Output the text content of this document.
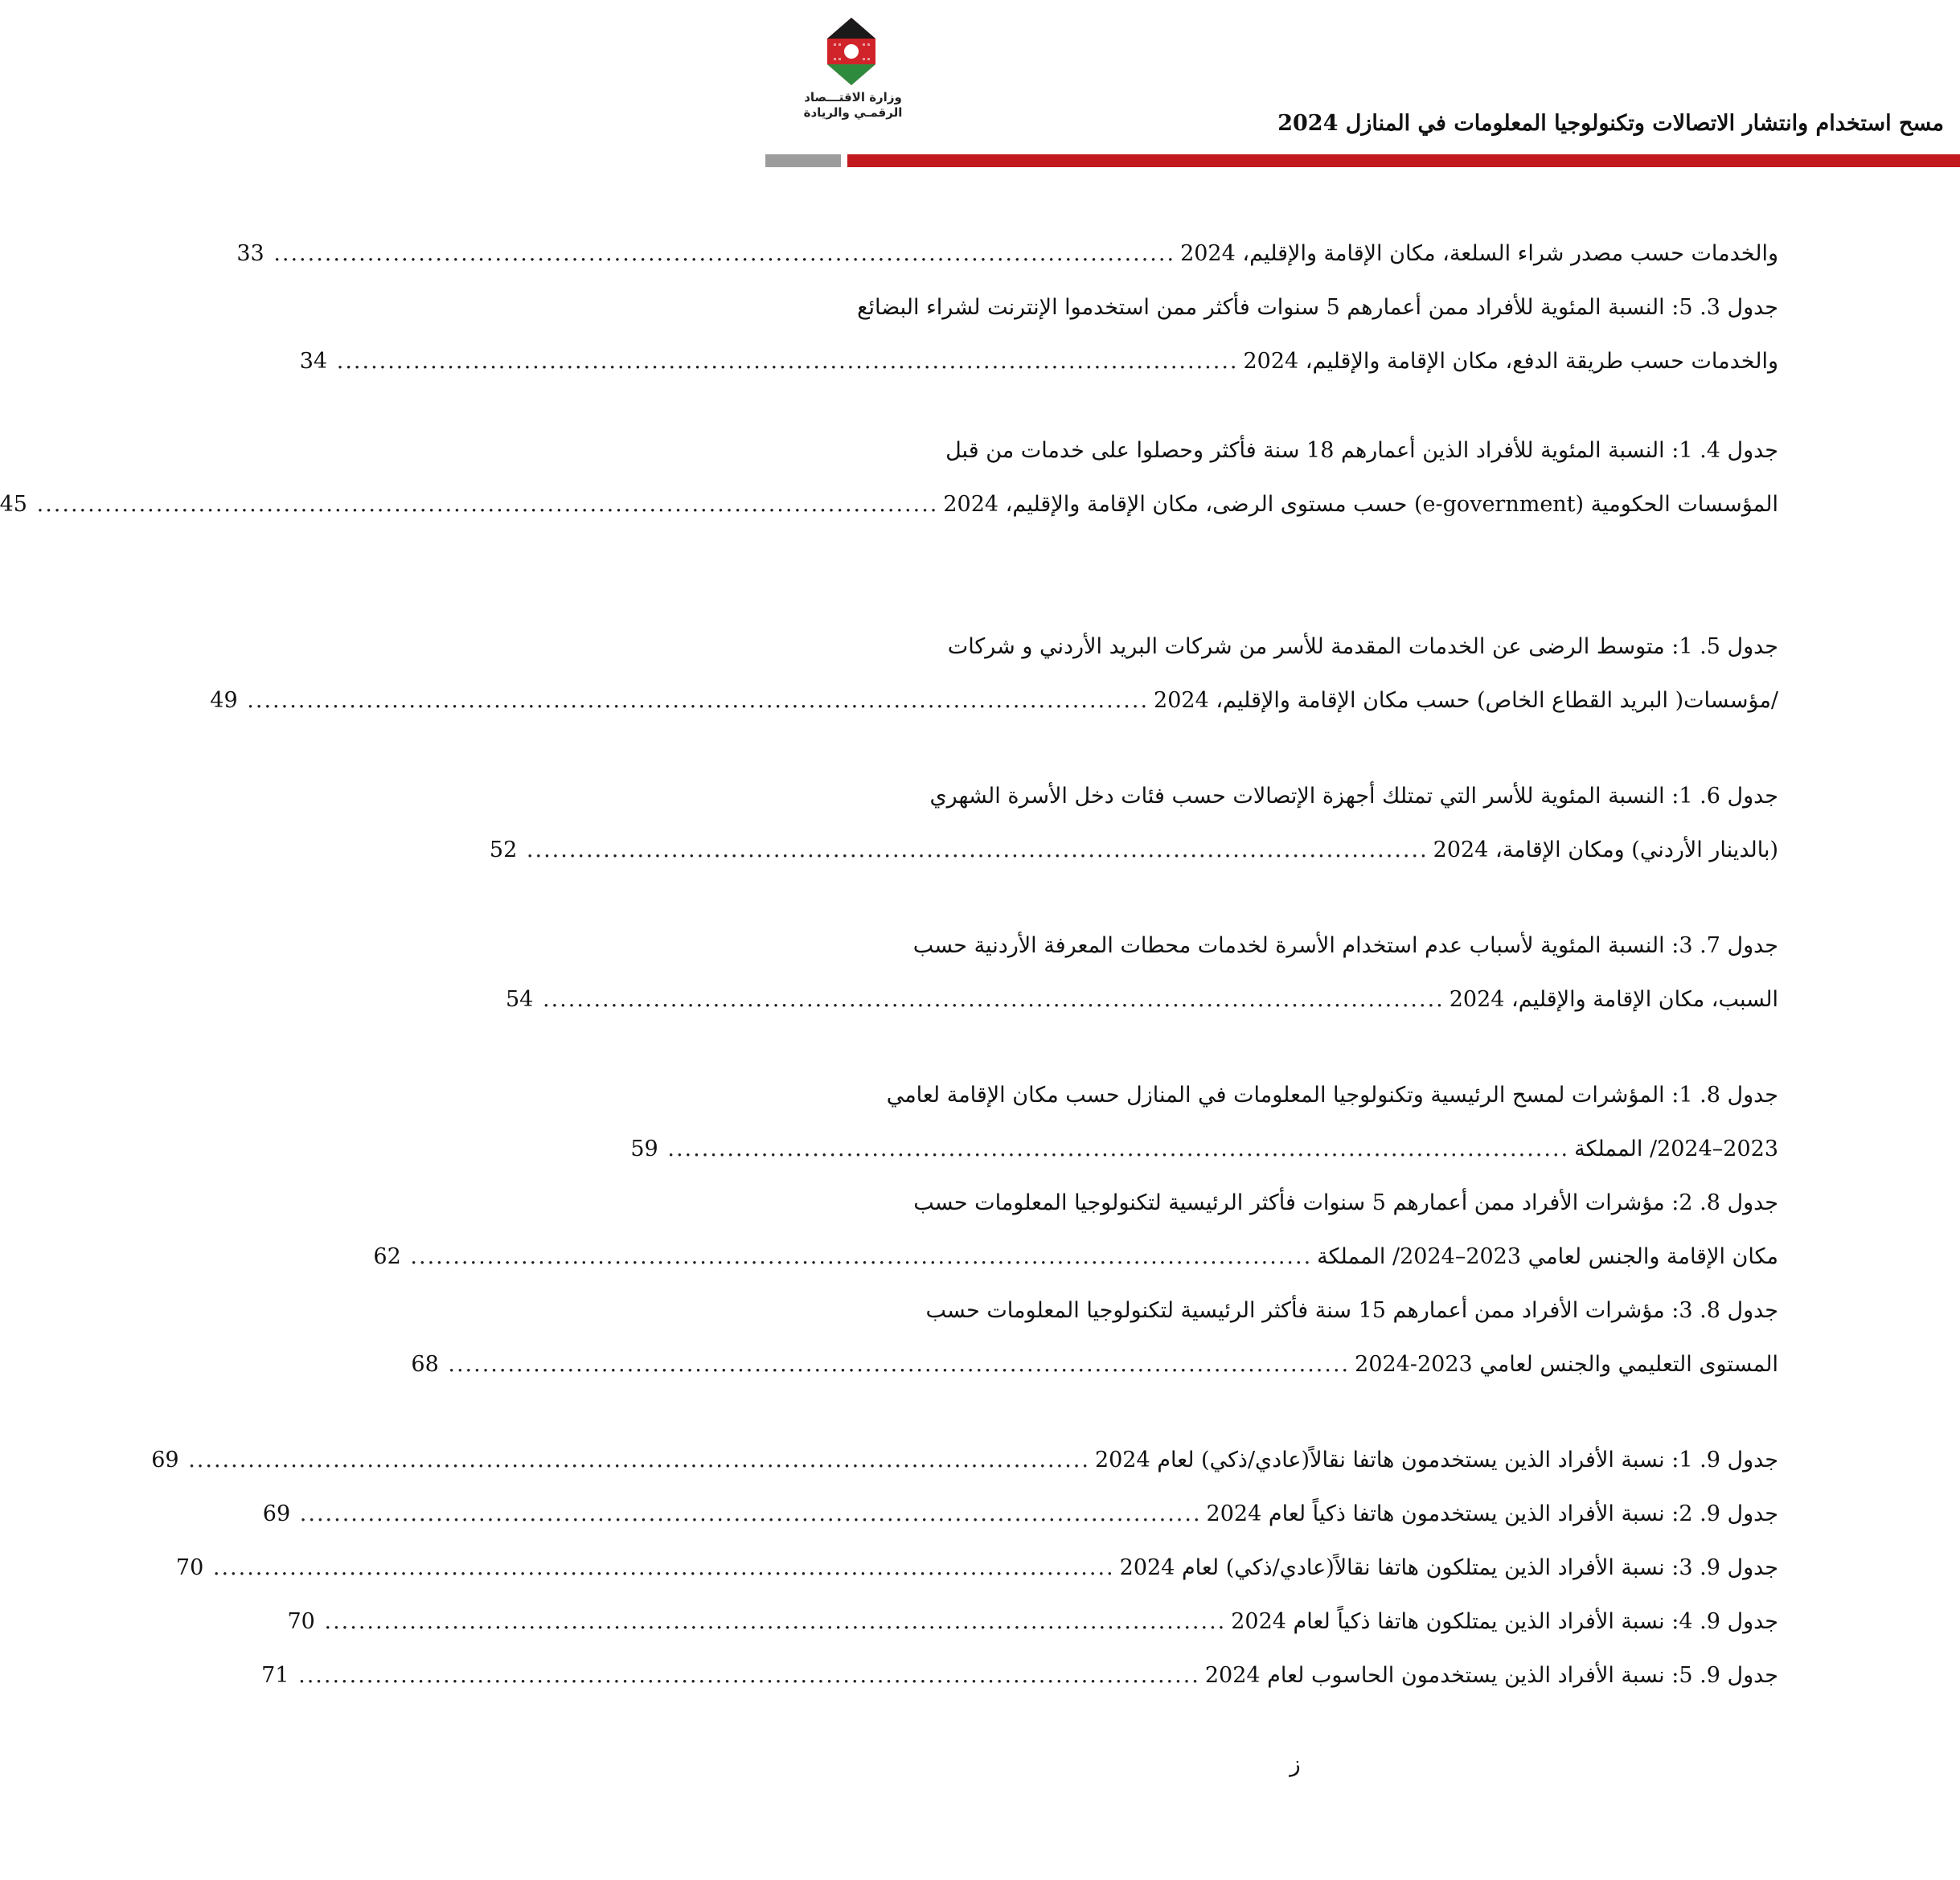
وزارة الاقتـــصاد
الرقمـي والريادة	مسح استخدام وانتشار الاتصالات وتكنولوجيا المعلومات في المنازل 2024
والخدمات حسب مصدر شراء السلعة، مكان الإقامة والإقليم، 2024
..........................................................................................................
33
جدول 3. 5: النسبة المئوية للأفراد ممن أعمارهم 5 سنوات فأكثر ممن استخدموا الإنترنت لشراء البضائع
والخدمات حسب طريقة الدفع، مكان الإقامة والإقليم، 2024
..........................................................................................................
34
جدول 4. 1: النسبة المئوية للأفراد الذين أعمارهم 18 سنة فأكثر وحصلوا على خدمات من قبل
المؤسسات الحكومية (e-government) حسب مستوى الرضى، مكان الإقامة والإقليم، 2024
..........................................................................................................
45
جدول 5. 1: متوسط الرضى عن الخدمات المقدمة للأسر من شركات البريد الأردني و شركات
/مؤسسات( البريد القطاع الخاص) حسب مكان الإقامة والإقليم، 2024
..........................................................................................................
49
جدول 6. 1: النسبة المئوية للأسر التي تمتلك أجهزة الإتصالات حسب فئات دخل الأسرة الشهري
(بالدينار الأردني) ومكان الإقامة، 2024
..........................................................................................................
52
جدول 7. 3: النسبة المئوية لأسباب عدم استخدام الأسرة لخدمات محطات المعرفة الأردنية حسب
السبب، مكان الإقامة والإقليم، 2024
..........................................................................................................
54
جدول 8. 1: المؤشرات لمسح الرئيسية وتكنولوجيا المعلومات في المنازل حسب مكان الإقامة لعامي
2023–2024/ المملكة
..........................................................................................................
59
جدول 8. 2: مؤشرات الأفراد ممن أعمارهم 5 سنوات فأكثر الرئيسية لتكنولوجيا المعلومات حسب
مكان الإقامة والجنس لعامي 2023–2024/ المملكة
..........................................................................................................
62
جدول 8. 3: مؤشرات الأفراد ممن أعمارهم 15 سنة فأكثر الرئيسية لتكنولوجيا المعلومات حسب
المستوى التعليمي والجنس لعامي 2023-2024
..........................................................................................................
68
جدول 9. 1: نسبة الأفراد الذين يستخدمون هاتفا نقالاً(عادي/ذكي) لعام 2024
..........................................................................................................
69
جدول 9. 2: نسبة الأفراد الذين يستخدمون هاتفا ذكياً لعام 2024
..........................................................................................................
69
جدول 9. 3: نسبة الأفراد الذين يمتلكون هاتفا نقالاً(عادي/ذكي) لعام 2024
..........................................................................................................
70
جدول 9. 4: نسبة الأفراد الذين يمتلكون هاتفا ذكياً لعام 2024
..........................................................................................................
70
جدول 9. 5: نسبة الأفراد الذين يستخدمون الحاسوب لعام 2024
..........................................................................................................
71
ز
